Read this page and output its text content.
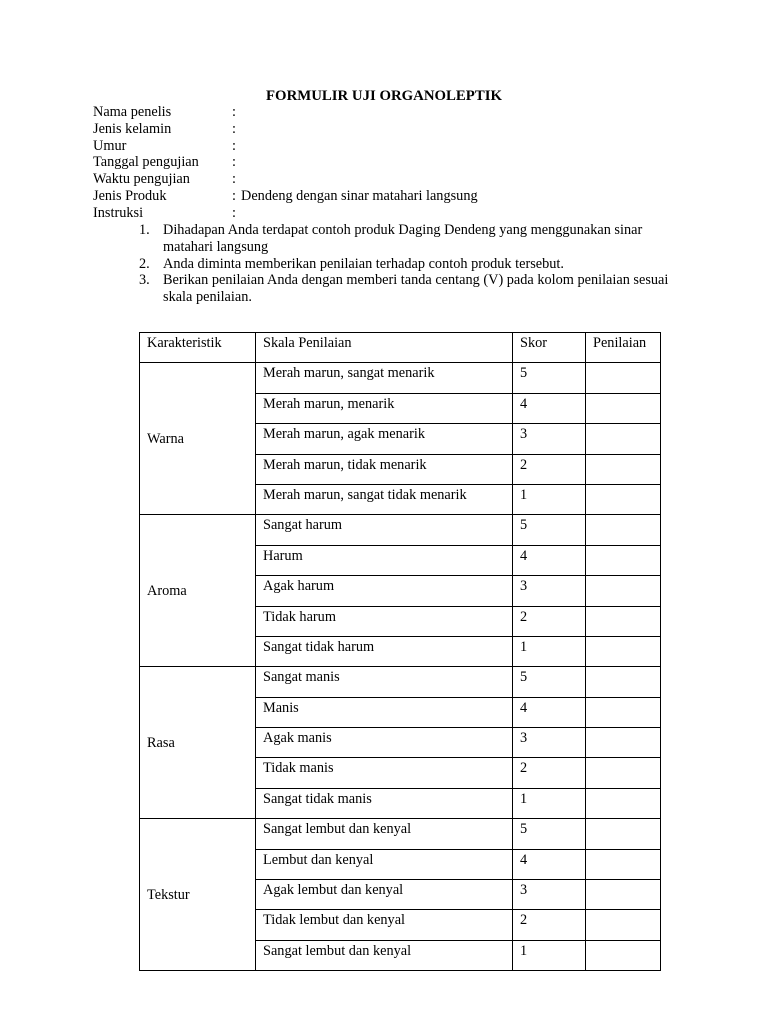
FORMULIR UJI ORGANOLEPTIK
Nama penelis	:
Jenis kelamin	:
Umur	:
Tanggal pengujian	:
Waktu pengujian	:
Jenis Produk	: Dendeng dengan sinar matahari langsung
Instruksi	:
1. Dihadapan Anda terdapat contoh produk Daging Dendeng yang menggunakan sinar matahari langsung
2. Anda diminta memberikan penilaian terhadap contoh produk tersebut.
3. Berikan penilaian Anda dengan memberi tanda centang (V) pada kolom penilaian sesuai skala penilaian.
Karakteristik	Skala Penilaian	Skor	Penilaian
Warna	Merah marun, sangat menarik	5	
	Merah marun, menarik	4	
	Merah marun, agak menarik	3	
	Merah marun, tidak menarik	2	
	Merah marun, sangat tidak menarik	1	
Aroma	Sangat harum	5	
	Harum	4	
	Agak harum	3	
	Tidak harum	2	
	Sangat tidak harum	1	
Rasa	Sangat manis	5	
	Manis	4	
	Agak manis	3	
	Tidak manis	2	
	Sangat tidak manis	1	
Tekstur	Sangat lembut dan kenyal	5	
	Lembut dan kenyal	4	
	Agak lembut dan kenyal	3	
	Tidak lembut dan kenyal	2	
	Sangat lembut dan kenyal	1	
